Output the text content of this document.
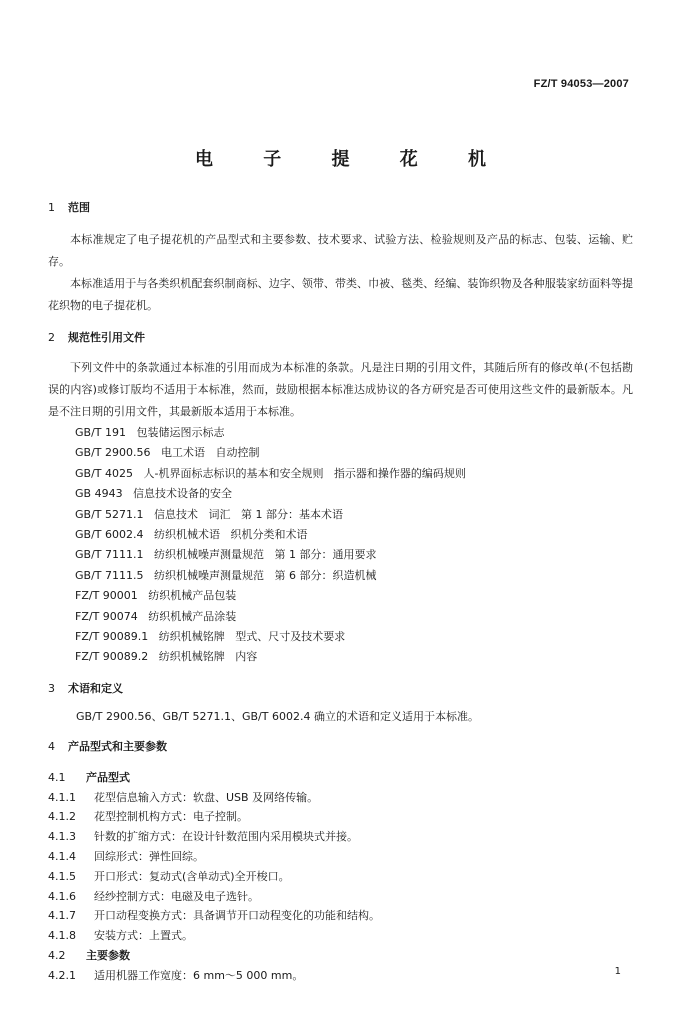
FZ/T 94053—2007
电 子 提 花 机

1 范围

本标准规定了电子提花机的产品型式和主要参数、技术要求、试验方法、检验规则及产品的标志、包装、运输、贮存。

本标准适用于与各类织机配套织制商标、边字、领带、带类、巾被、毯类、经编、装饰织物及各种服装家纺面料等提花织物的电子提花机。

2 规范性引用文件

下列文件中的条款通过本标准的引用而成为本标准的条款。凡是注日期的引用文件，其随后所有的修改单(不包括勘误的内容)或修订版均不适用于本标准，然而，鼓励根据本标准达成协议的各方研究是否可使用这些文件的最新版本。凡是不注日期的引用文件，其最新版本适用于本标准。

GB/T 191   包装储运图示标志
GB/T 2900.56   电工术语   自动控制
GB/T 4025   人-机界面标志标识的基本和安全规则   指示器和操作器的编码规则
GB 4943   信息技术设备的安全
GB/T 5271.1   信息技术   词汇   第 1 部分：基本术语
GB/T 6002.4   纺织机械术语   织机分类和术语
GB/T 7111.1   纺织机械噪声测量规范   第 1 部分：通用要求
GB/T 7111.5   纺织机械噪声测量规范   第 6 部分：织造机械
FZ/T 90001   纺织机械产品包装
FZ/T 90074   纺织机械产品涂装
FZ/T 90089.1   纺织机械铭牌   型式、尺寸及技术要求
FZ/T 90089.2   纺织机械铭牌   内容

3 术语和定义

GB/T 2900.56、GB/T 5271.1、GB/T 6002.4 确立的术语和定义适用于本标准。

4 产品型式和主要参数

4.1 产品型式

4.1.1 花型信息输入方式：软盘、USB 及网络传输。

4.1.2 花型控制机构方式：电子控制。

4.1.3 针数的扩缩方式：在设计针数范围内采用模块式并接。

4.1.4 回综形式：弹性回综。

4.1.5 开口形式：复动式(含单动式)全开梭口。

4.1.6 经纱控制方式：电磁及电子选针。

4.1.7 开口动程变换方式：具备调节开口动程变化的功能和结构。

4.1.8 安装方式：上置式。

4.2 主要参数

4.2.1 适用机器工作宽度：6 mm～5 000 mm。	1
